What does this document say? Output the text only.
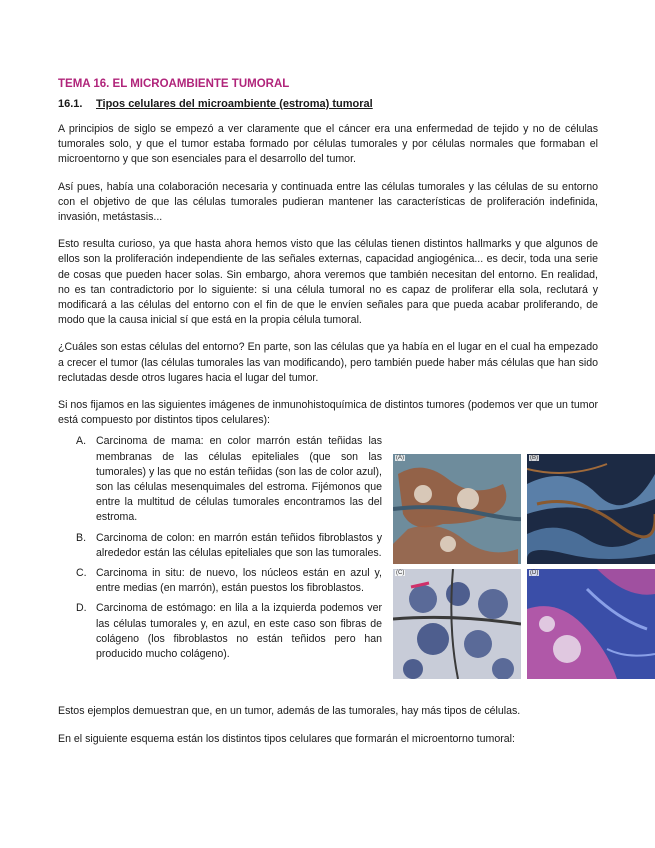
TEMA 16. EL MICROAMBIENTE TUMORAL
16.1. Tipos celulares del microambiente (estroma) tumoral

A principios de siglo se empezó a ver claramente que el cáncer era una enfermedad de tejido y no de células tumorales solo, y que el tumor estaba formado por células tumorales y por células normales que formaban el microentorno y que son esenciales para el desarrollo del tumor.

Así pues, había una colaboración necesaria y continuada entre las células tumorales y las células de su entorno con el objetivo de que las células tumorales pudieran mantener las características de proliferación indefinida, invasión, metástasis...

Esto resulta curioso, ya que hasta ahora hemos visto que las células tienen distintos hallmarks y que algunos de ellos son la proliferación independiente de las señales externas, capacidad angiogénica... es decir, toda una serie de cosas que pueden hacer solas. Sin embargo, ahora veremos que también necesitan del entorno. En realidad, no es tan contradictorio por lo siguiente: si una célula tumoral no es capaz de proliferar ella sola, reclutará y modificará a las células del entorno con el fin de que le envíen señales para que pueda acabar proliferando, de modo que la causa inicial sí que está en la propia célula tumoral.

¿Cuáles son estas células del entorno? En parte, son las células que ya había en el lugar en el cual ha empezado a crecer el tumor (las células tumorales las van modificando), pero también puede haber más células que han sido reclutadas desde otros lugares hacia el lugar del tumor.

Si nos fijamos en las siguientes imágenes de inmunohistoquímica de distintos tumores (podemos ver que un tumor está compuesto por distintos tipos celulares):

A. Carcinoma de mama: en color marrón están teñidas las membranas de las células epiteliales (que son las tumorales) y las que no están teñidas (son las de color azul), son las células mesenquimales del estroma. Fijémonos que entre la multitud de células tumorales encontramos las del estroma.
B. Carcinoma de colon: en marrón están teñidos fibroblastos y alrededor están las células epiteliales que son las tumorales.
C. Carcinoma in situ: de nuevo, los núcleos están en azul y, entre medias (en marrón), están puestos los fibroblastos.
D. Carcinoma de estómago: en lila a la izquierda podemos ver las células tumorales y, en azul, en este caso son fibras de colágeno (los fibroblastos no están teñidos pero han producido mucho colágeno).
(A)	(B)
(C)	(D)

Estos ejemplos demuestran que, en un tumor, además de las tumorales, hay más tipos de células.

En el siguiente esquema están los distintos tipos celulares que formarán el microentorno tumoral:
